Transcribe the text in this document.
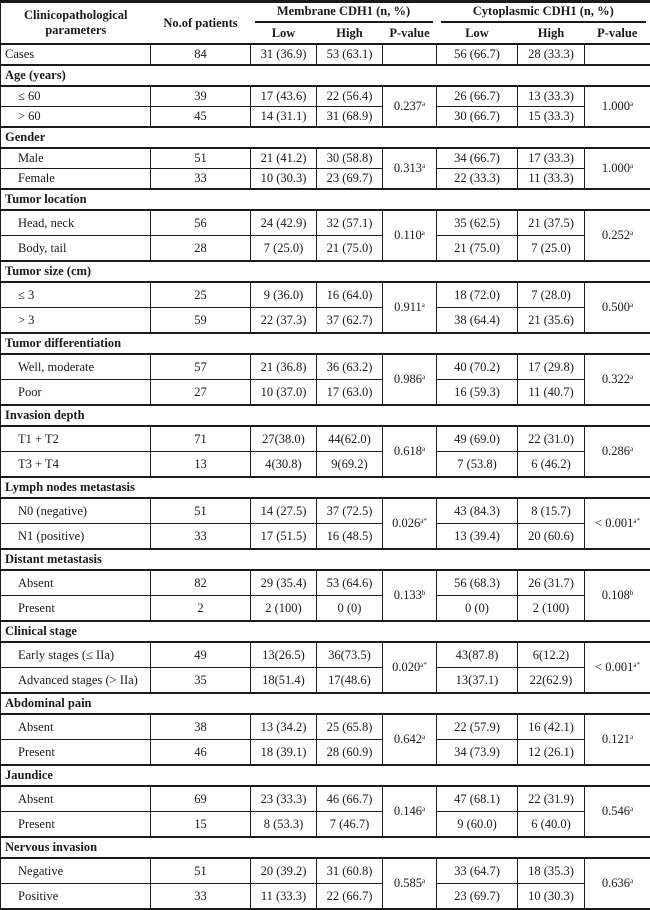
Clinicopathological
parameters	No.of patients	Membrane CDH1 (n, %)			Cytoplasmic CDH1 (n, %)		

		Low	High	P-value	Low	High	P-value
Cases	84	31 (36.9)	53 (63.1)		56 (66.7)	28 (33.3)	
Age (years)							
≤ 60	39	17 (43.6)	22 (56.4)	0.237$^a$	26 (66.7)	13 (33.3)	1.000$^a$
> 60	45	14 (31.1)	31 (68.9)		30 (66.7)	15 (33.3)	
Gender							
Male	51	21 (41.2)	30 (58.8)	0.313$^a$	34 (66.7)	17 (33.3)	1.000$^a$
Female	33	10 (30.3)	23 (69.7)		22 (33.3)	11 (33.3)	
Tumor location							
Head, neck	56	24 (42.9)	32 (57.1)	0.110$^a$	35 (62.5)	21 (37.5)	0.252$^a$
Body, tail	28	7 (25.0)	21 (75.0)		21 (75.0)	7 (25.0)	
Tumor size (cm)							
≤ 3	25	9 (36.0)	16 (64.0)	0.911$^a$	18 (72.0)	7 (28.0)	0.500$^a$
> 3	59	22 (37.3)	37 (62.7)		38 (64.4)	21 (35.6)	
Tumor differentiation							
Well, moderate	57	21 (36.8)	36 (63.2)	0.986$^a$	40 (70.2)	17 (29.8)	0.322$^a$
Poor	27	10 (37.0)	17 (63.0)		16 (59.3)	11 (40.7)	
Invasion depth							
T1 + T2	71	27(38.0)	44(62.0)	0.618$^a$	49 (69.0)	22 (31.0)	0.286$^a$
T3 + T4	13	4(30.8)	9(69.2)		7 (53.8)	6 (46.2)	
Lymph nodes metastasis							
N0 (negative)	51	14 (27.5)	37 (72.5)	$0.026^{a*}$	43 (84.3)	8 (15.7)	< $0.001^{a*}$
N1 (positive)	33	17 (51.5)	16 (48.5)		13 (39.4)	20 (60.6)	
Distant metastasis							
Absent	82	29 (35.4)	53 (64.6)	0.133$^b$	56 (68.3)	26 (31.7)	0.108$^b$
Present	2	2 (100)	0 (0)		0 (0)	2 (100)	
Clinical stage							
Early stages (≤ IIa)	49	13(26.5)	36(73.5)	$0.020^{a*}$	43(87.8)	6(12.2)	< $0.001^{a*}$
Advanced stages (> IIa)	35	18(51.4)	17(48.6)		13(37.1)	22(62.9)	
Abdominal pain							
Absent	38	13 (34.2)	25 (65.8)	0.642$^a$	22 (57.9)	16 (42.1)	0.121$^a$
Present	46	18 (39.1)	28 (60.9)		34 (73.9)	12 (26.1)	
Jaundice							
Absent	69	23 (33.3)	46 (66.7)	0.146$^a$	47 (68.1)	22 (31.9)	0.546$^a$
Present	15	8 (53.3)	7 (46.7)		9 (60.0)	6 (40.0)	
Nervous invasion							
Negative	51	20 (39.2)	31 (60.8)	0.585$^a$	33 (64.7)	18 (35.3)	0.636$^a$
Positive	33	11 (33.3)	22 (66.7)		23 (69.7)	10 (30.3)	
